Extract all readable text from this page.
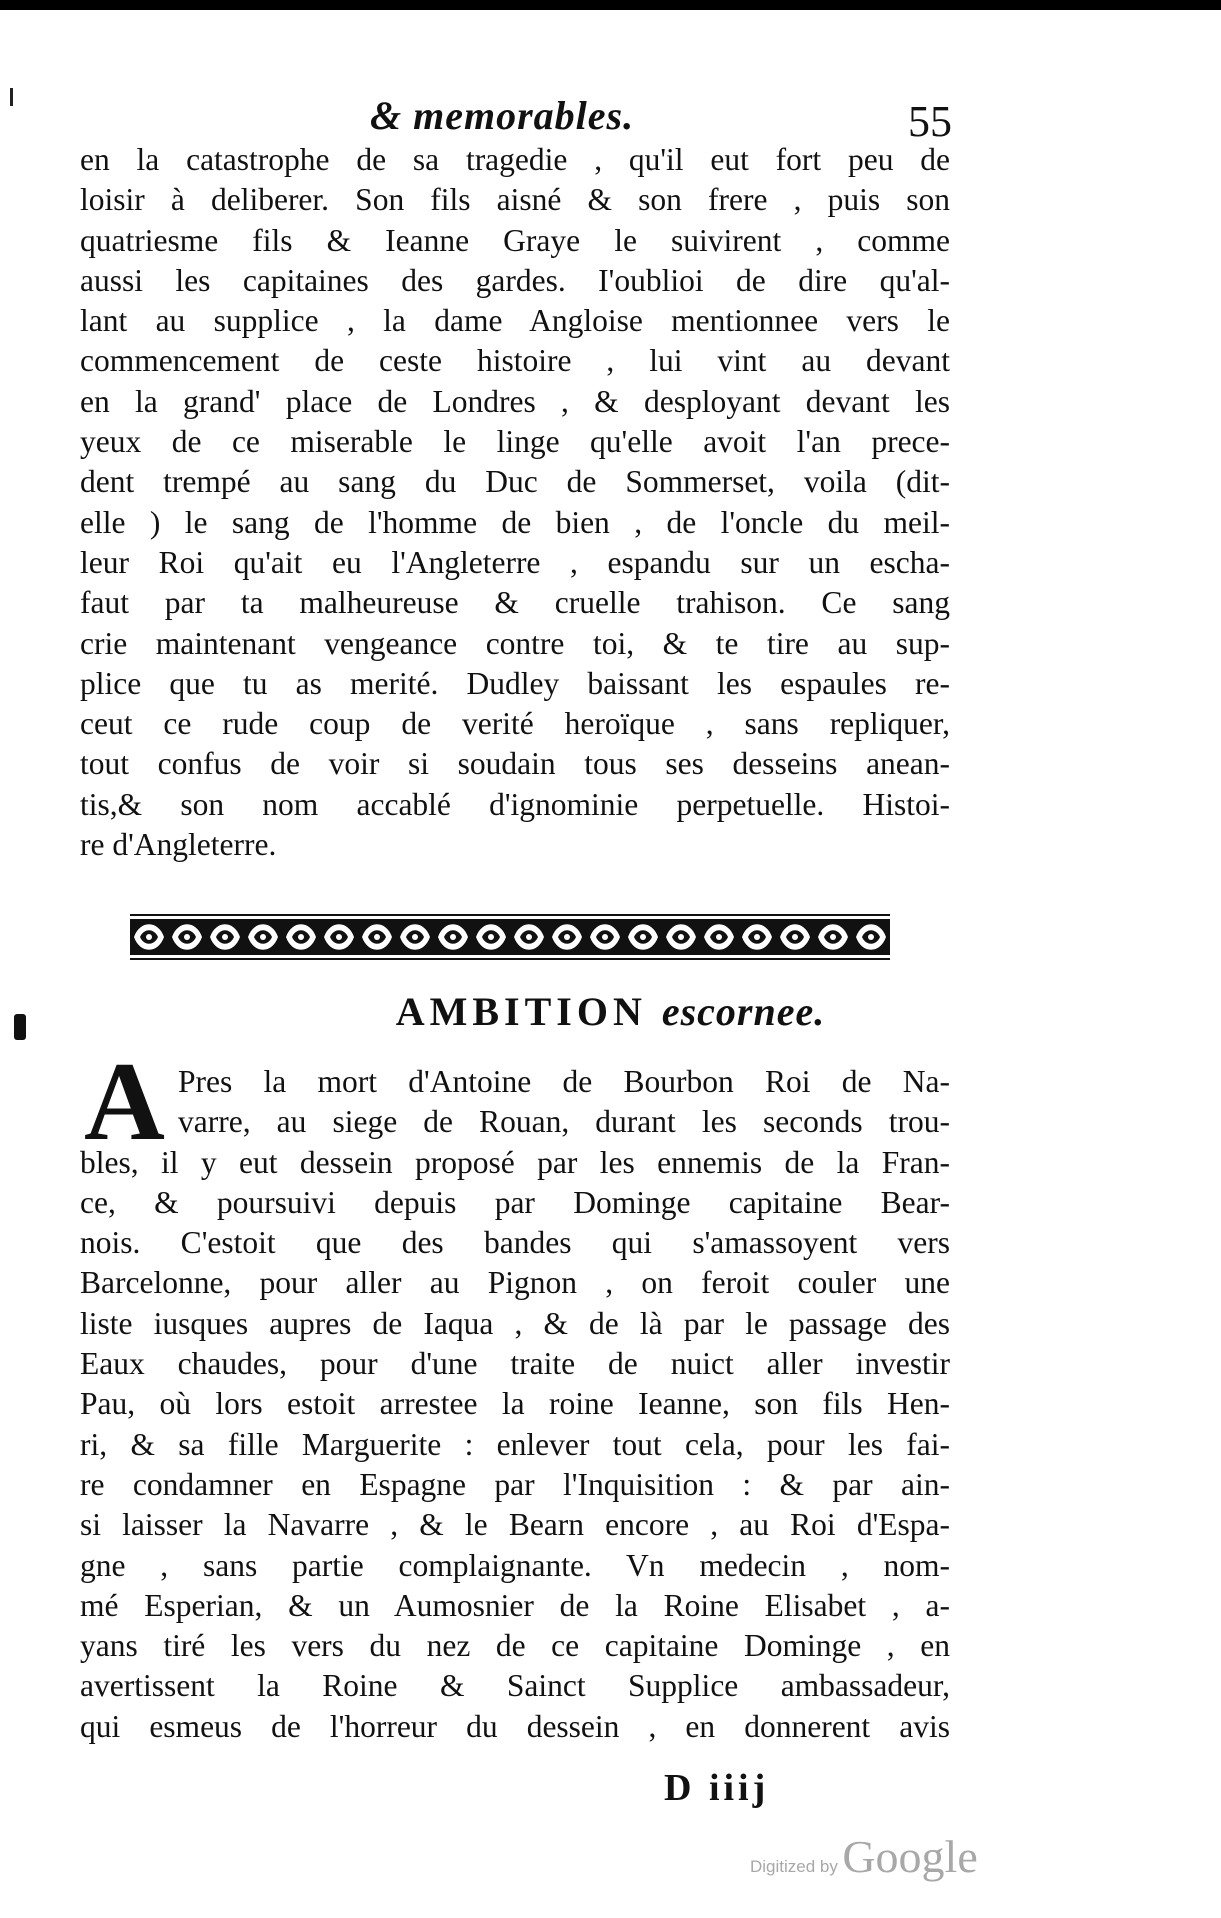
& memorables.	55
en la catastrophe de sa tragedie , qu'il eut fort peu de
loisir à deliberer. Son fils aisné & son frere , puis son
quatriesme fils & Ieanne Graye le suivirent , comme
aussi les capitaines des gardes. I'oublioi de dire qu'al-
lant au supplice , la dame Angloise mentionnee vers le
commencement de ceste histoire , lui vint au devant
en la grand' place de Londres , & desployant devant les
yeux de ce miserable le linge qu'elle avoit l'an prece-
dent trempé au sang du Duc de Sommerset, voila (dit-
elle ) le sang de l'homme de bien , de l'oncle du meil-
leur Roi qu'ait eu l'Angleterre , espandu sur un escha-
faut par ta malheureuse & cruelle trahison. Ce sang
crie maintenant vengeance contre toi, & te tire au sup-
plice que tu as merité. Dudley baissant les espaules re-
ceut ce rude coup de verité heroïque , sans repliquer,
tout confus de voir si soudain tous ses desseins anean-
tis,& son nom accablé d'ignominie perpetuelle. Histoi-
re d'Angleterre.
AMBITION escornee.
A Pres la mort d'Antoine de Bourbon Roi de Na-
varre, au siege de Rouan, durant les seconds trou-
bles, il y eut dessein proposé par les ennemis de la Fran-
ce, & poursuivi depuis par Dominge capitaine Bear-
nois. C'estoit que des bandes qui s'amassoyent vers
Barcelonne, pour aller au Pignon , on feroit couler une
liste iusques aupres de Iaqua , & de là par le passage des
Eaux chaudes, pour d'une traite de nuict aller investir
Pau, où lors estoit arrestee la roine Ieanne, son fils Hen-
ri, & sa fille Marguerite : enlever tout cela, pour les fai-
re condamner en Espagne par l'Inquisition : & par ain-
si laisser la Navarre , & le Bearn encore , au Roi d'Espa-
gne , sans partie complaignante. Vn medecin , nom-
mé Esperian, & un Aumosnier de la Roine Elisabet , a-
yans tiré les vers du nez de ce capitaine Dominge , en
avertissent la Roine & Sainct Supplice ambassadeur,
qui esmeus de l'horreur du dessein , en donnerent avis
D iiij
Digitized by Google
